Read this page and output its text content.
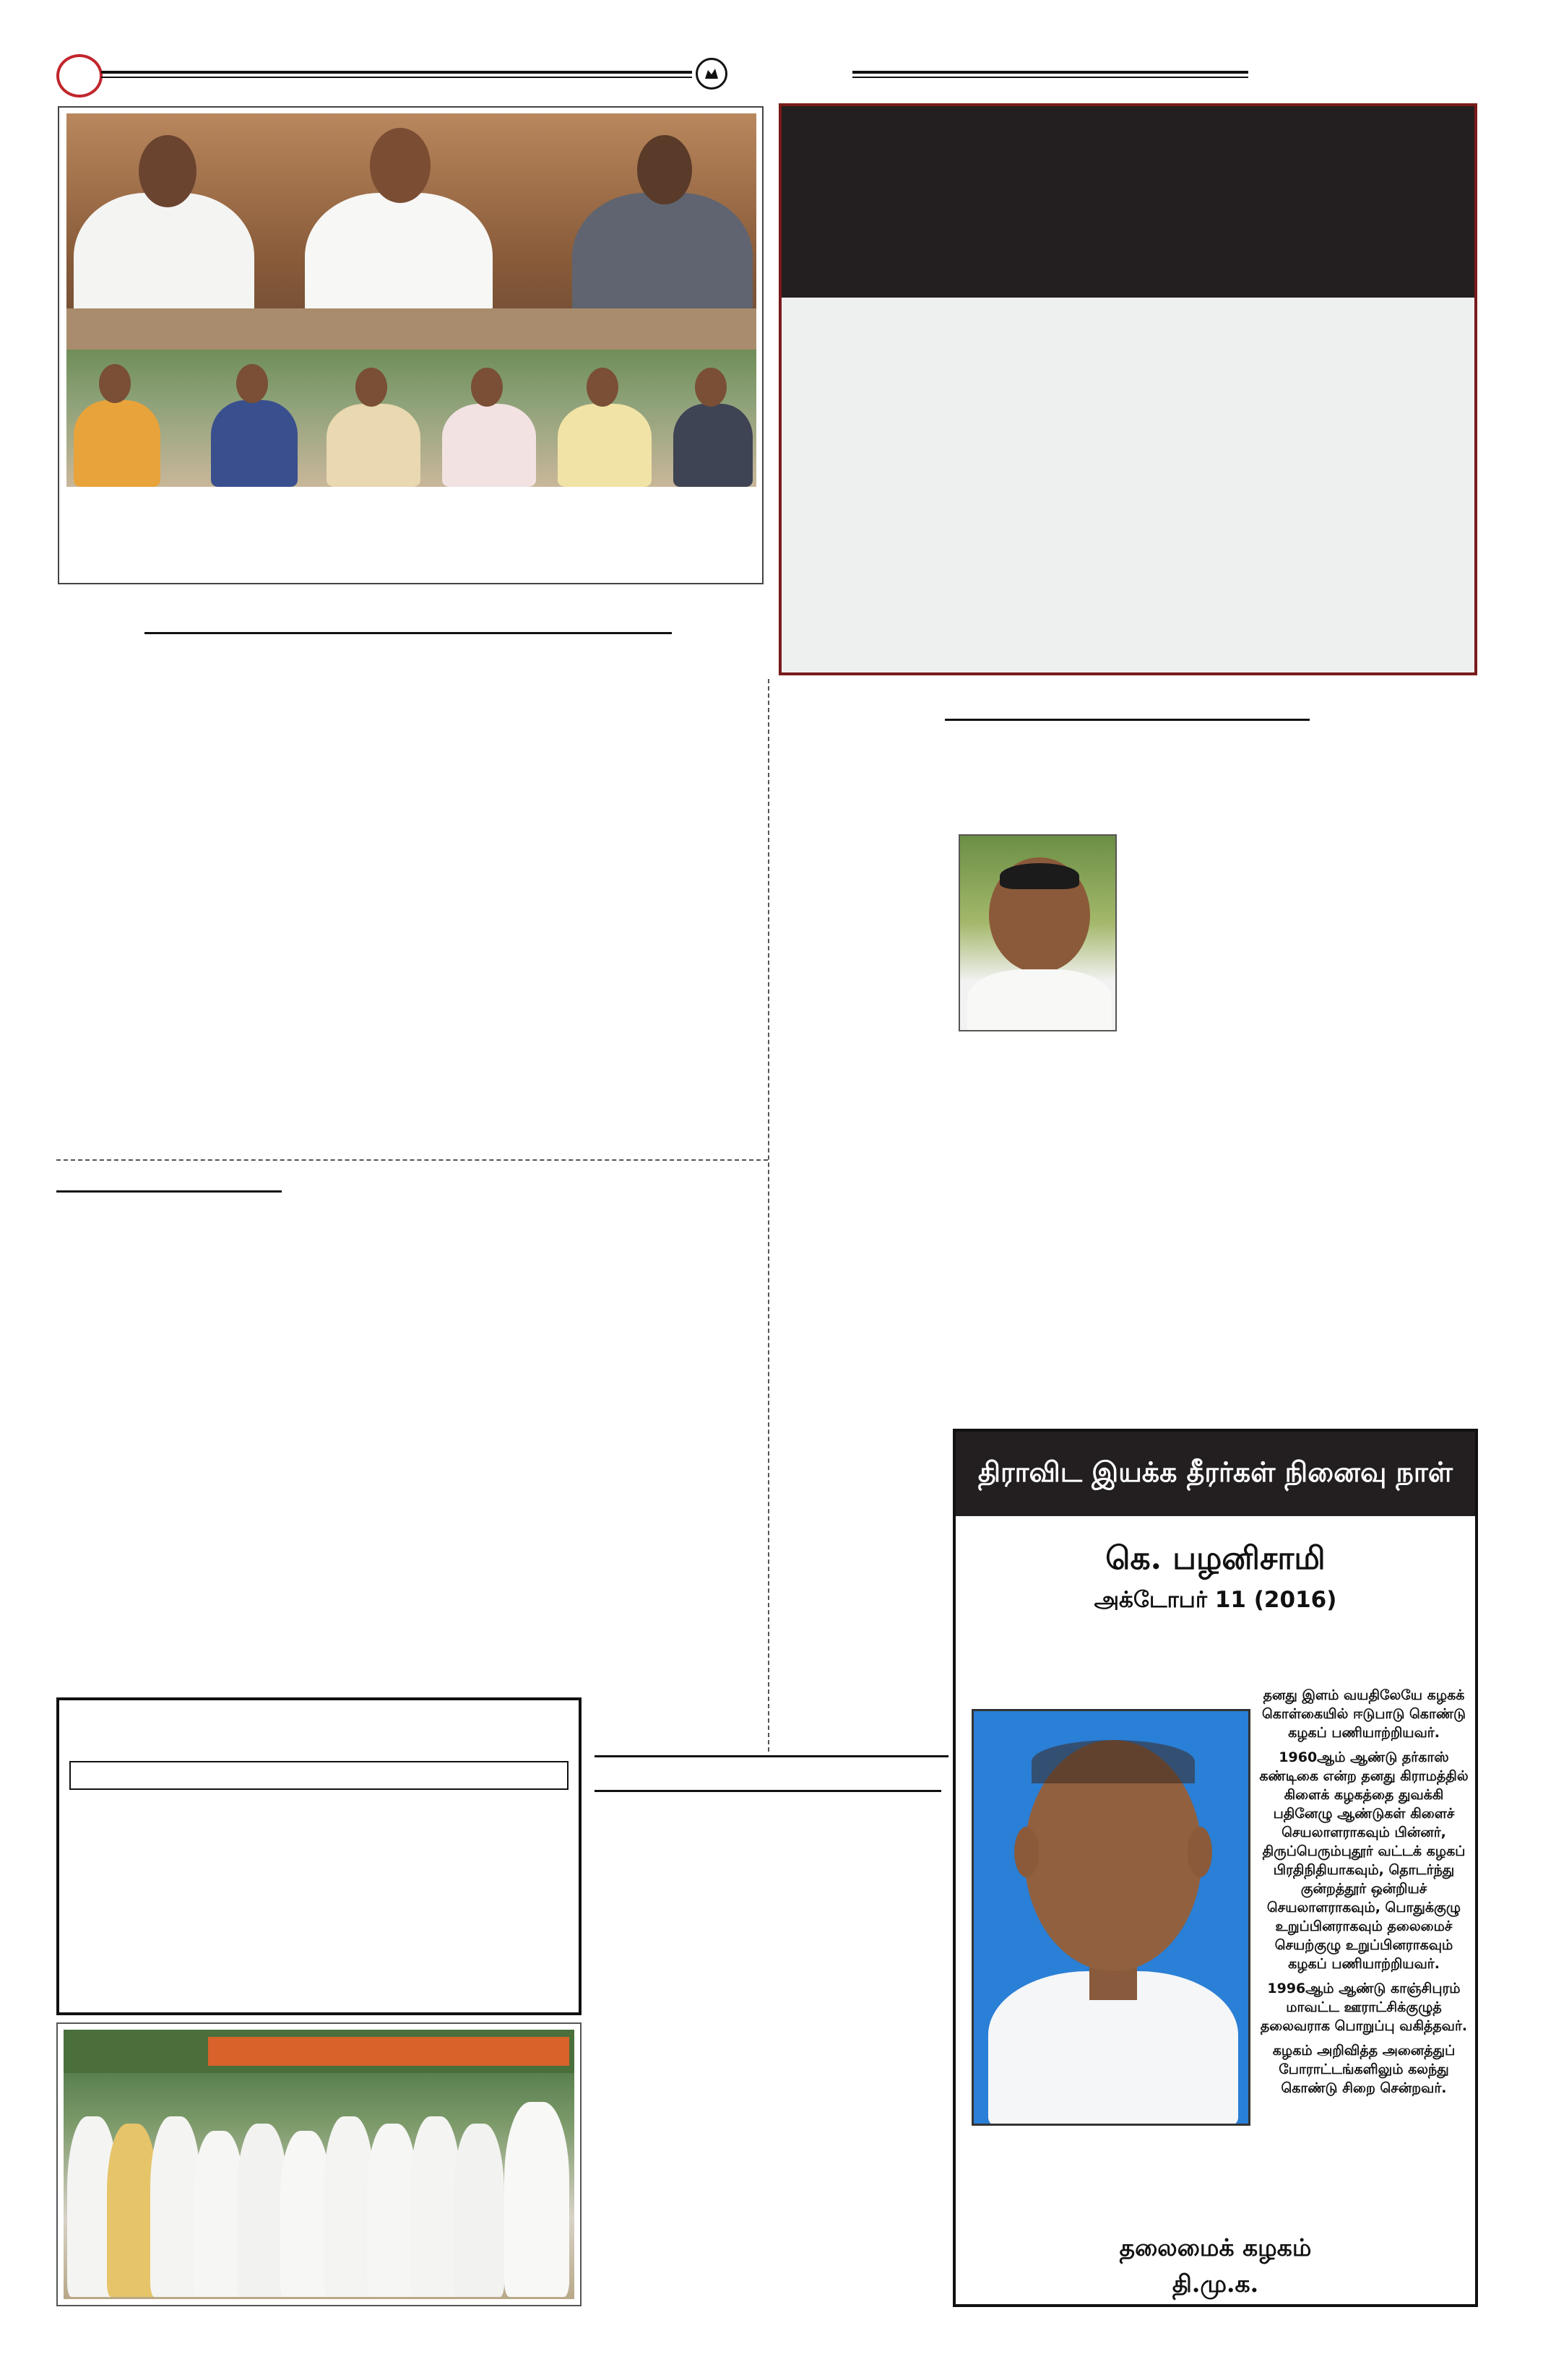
திராவிட இயக்க தீரர்கள் நினைவு நாள்
கெ. பழனிசாமி
அக்டோபர் 11 (2016)

தனது இளம் வயதிலேயே கழகக் கொள்கையில் ஈடுபாடு கொண்டு கழகப் பணியாற்றியவர்.

1960ஆம் ஆண்டு தர்காஸ் கண்டிகை என்ற தனது கிராமத்தில் கிளைக் கழகத்தை துவக்கி பதினேழு ஆண்டுகள் கிளைச் செயலாளராகவும் பின்னர், திருப்பெரும்புதூர் வட்டக் கழகப் பிரதிநிதியாகவும், தொடர்ந்து குன்றத்தூர் ஒன்றியச் செயலாளராகவும், பொதுக்குழு உறுப்பினராகவும் தலைமைச் செயற்குழு உறுப்பினராகவும் கழகப் பணியாற்றியவர்.

1996ஆம் ஆண்டு காஞ்சிபுரம் மாவட்ட ஊராட்சிக்குழுத் தலைவராக பொறுப்பு வகித்தவர்.

கழகம் அறிவித்த அனைத்துப் போராட்டங்களிலும் கலந்து கொண்டு சிறை சென்றவர்.

தலைமைக் கழகம்
தி.மு.க.
